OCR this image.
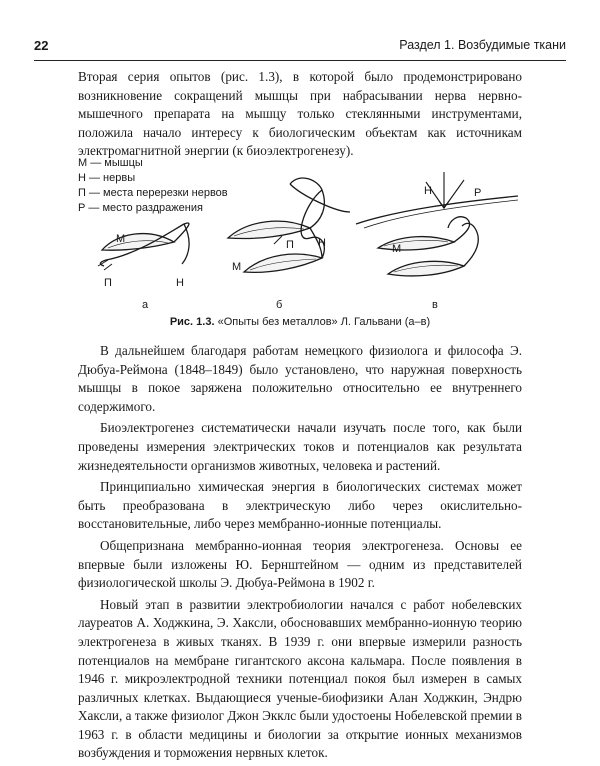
22	Раздел 1. Возбудимые ткани

Вторая серия опытов (рис. 1.3), в которой было продемонстрировано возникновение сокращений мышцы при набрасывании нерва нервно-мышечного препарата на мышцу только стеклянными инструментами, положила начало интересу к биологическим объектам как источникам электромагнитной энергии (к биоэлектрогенезу).

М — мышцы
Н — нервы
П — места перерезки нервов
Р — место раздражения
М
П	Н
а
П Н
М
б
Н	Р
М
в
Рис. 1.3. «Опыты без металлов» Л. Гальвани (а–в)

В дальнейшем благодаря работам немецкого физиолога и философа Э. Дюбуа-Реймона (1848–1849) было установлено, что наружная поверхность мышцы в покое заряжена положительно относительно ее внутреннего содержимого.

Биоэлектрогенез систематически начали изучать после того, как были проведены измерения электрических токов и потенциалов как результата жизнедеятельности организмов животных, человека и растений.

Принципиально химическая энергия в биологических системах может быть преобразована в электрическую либо через окислительно-восстановительные, либо через мембранно-ионные потенциалы.

Общепризнана мембранно-ионная теория электрогенеза. Основы ее впервые были изложены Ю. Бернштейном — одним из представителей физиологической школы Э. Дюбуа-Реймона в 1902 г.

Новый этап в развитии электробиологии начался с работ нобелевских лауреатов А. Ходжкина, Э. Хаксли, обосновавших мембранно-ионную теорию электрогенеза в живых тканях. В 1939 г. они впервые измерили разность потенциалов на мембране гигантского аксона кальмара. После появления в 1946 г. микроэлектродной техники потенциал покоя был измерен в самых различных клетках. Выдающиеся ученые-биофизики Алан Ходжкин, Эндрю Хаксли, а также физиолог Джон Экклс были удостоены Нобелевской премии в 1963 г. в области медицины и биологии за открытие ионных механизмов возбуждения и торможения нервных клеток.
